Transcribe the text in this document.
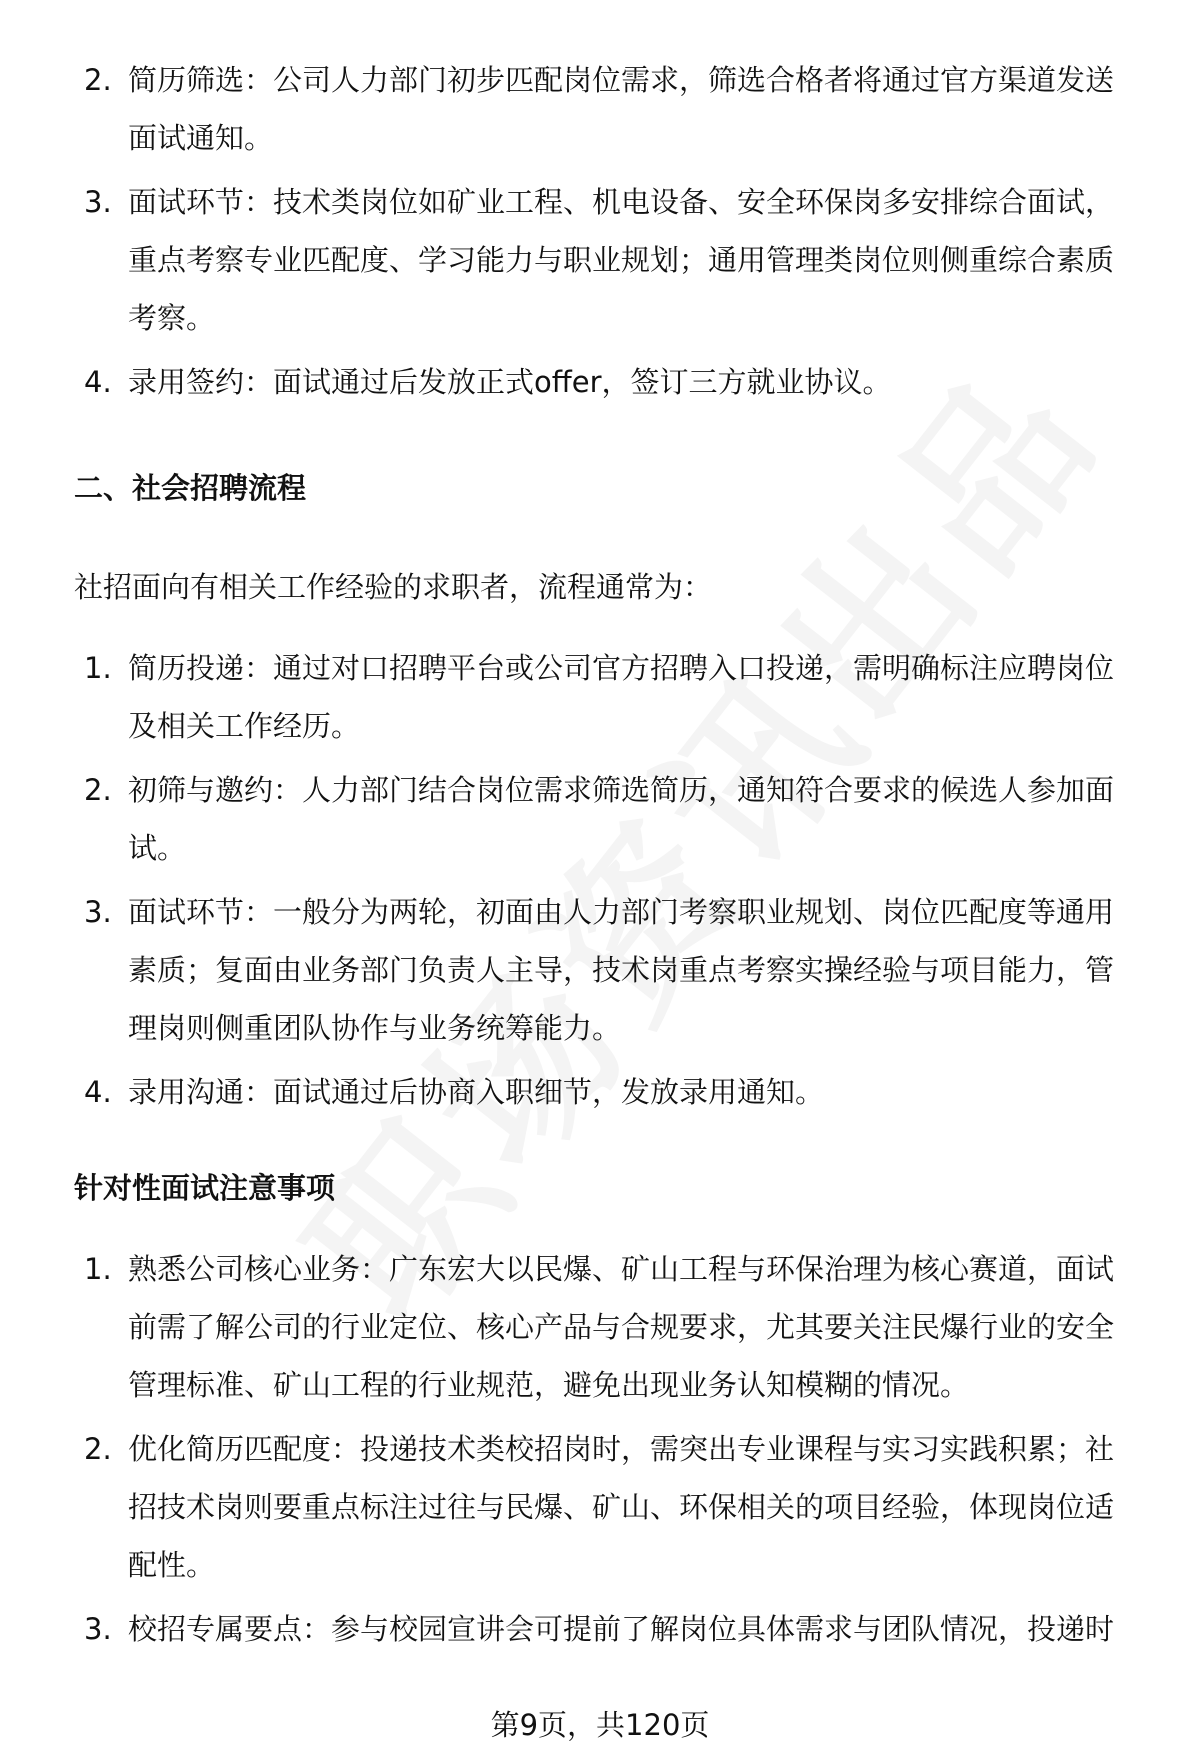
2. 简历筛选：公司人力部门初步匹配岗位需求，筛选合格者将通过官方渠道发送面试通知。
3. 面试环节：技术类岗位如矿业工程、机电设备、安全环保岗多安排综合面试，重点考察专业匹配度、学习能力与职业规划；通用管理类岗位则侧重综合素质考察。
4. 录用签约：面试通过后发放正式offer，签订三方就业协议。
二、社会招聘流程

社招面向有相关工作经验的求职者，流程通常为：

1. 简历投递：通过对口招聘平台或公司官方招聘入口投递，需明确标注应聘岗位及相关工作经历。
2. 初筛与邀约：人力部门结合岗位需求筛选简历，通知符合要求的候选人参加面试。
3. 面试环节：一般分为两轮，初面由人力部门考察职业规划、岗位匹配度等通用素质；复面由业务部门负责人主导，技术岗重点考察实操经验与项目能力，管理岗则侧重团队协作与业务统筹能力。
4. 录用沟通：面试通过后协商入职细节，发放录用通知。
针对性面试注意事项
1. 熟悉公司核心业务：广东宏大以民爆、矿山工程与环保治理为核心赛道，面试前需了解公司的行业定位、核心产品与合规要求，尤其要关注民爆行业的安全管理标准、矿山工程的行业规范，避免出现业务认知模糊的情况。
2. 优化简历匹配度：投递技术类校招岗时，需突出专业课程与实习实践积累；社招技术岗则要重点标注过往与民爆、矿山、环保相关的项目经验，体现岗位适配性。
3. 校招专属要点：参与校园宣讲会可提前了解岗位具体需求与团队情况，投递时
第9页，共120页
